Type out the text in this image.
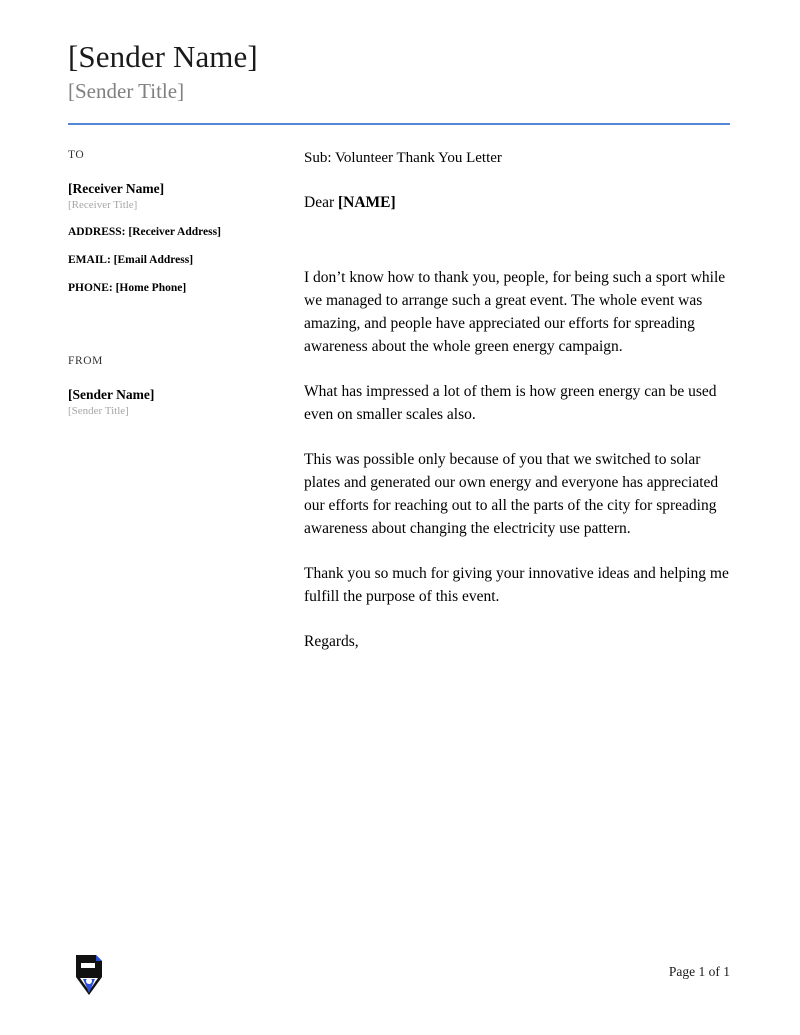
[Sender Name]
[Sender Title]
TO
[Receiver Name]
[Receiver Title]
ADDRESS: [Receiver Address]
EMAIL: [Email Address]
PHONE: [Home Phone]
FROM
[Sender Name]
[Sender Title]
Sub: Volunteer Thank You Letter
Dear [NAME]
I don’t know how to thank you, people, for being such a sport while we managed to arrange such a great event. The whole event was amazing, and people have appreciated our efforts for spreading awareness about the whole green energy campaign.
What has impressed a lot of them is how green energy can be used even on smaller scales also.
This was possible only because of you that we switched to solar plates and generated our own energy and everyone has appreciated our efforts for reaching out to all the parts of the city for spreading awareness about changing the electricity use pattern.
Thank you so much for giving your innovative ideas and helping me fulfill the purpose of this event.
Regards,
Page 1 of 1
